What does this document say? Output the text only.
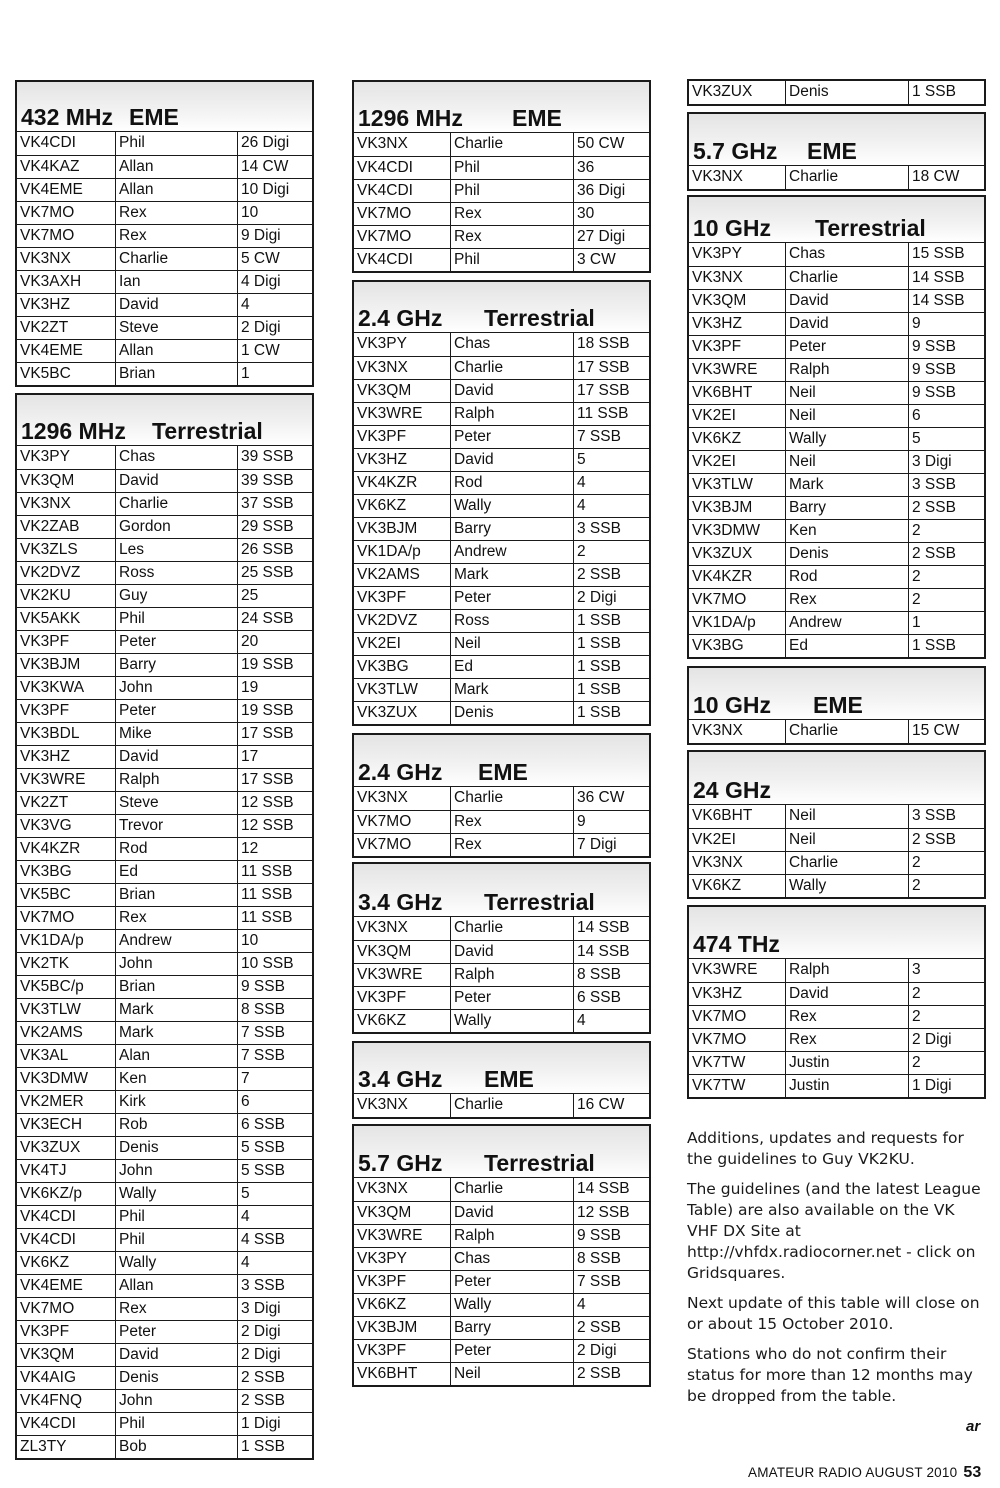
432 MHz EME
VK4CDI	Phil	26 Digi
VK4KAZ	Allan	14 CW
VK4EME	Allan	10 Digi
VK7MO	Rex	10
VK7MO	Rex	9 Digi
VK3NX	Charlie	5 CW
VK3AXH	Ian	4 Digi
VK3HZ	David	4
VK2ZT	Steve	2 Digi
VK4EME	Allan	1 CW
VK5BC	Brian	1
1296 MHz Terrestrial
VK3PY	Chas	39 SSB
VK3QM	David	39 SSB
VK3NX	Charlie	37 SSB
VK2ZAB	Gordon	29 SSB
VK3ZLS	Les	26 SSB
VK2DVZ	Ross	25 SSB
VK2KU	Guy	25
VK5AKK	Phil	24 SSB
VK3PF	Peter	20
VK3BJM	Barry	19 SSB
VK3KWA	John	19
VK3PF	Peter	19 SSB
VK3BDL	Mike	17 SSB
VK3HZ	David	17
VK3WRE	Ralph	17 SSB
VK2ZT	Steve	12 SSB
VK3VG	Trevor	12 SSB
VK4KZR	Rod	12
VK3BG	Ed	11 SSB
VK5BC	Brian	11 SSB
VK7MO	Rex	11 SSB
VK1DA/p	Andrew	10
VK2TK	John	10 SSB
VK5BC/p	Brian	9 SSB
VK3TLW	Mark	8 SSB
VK2AMS	Mark	7 SSB
VK3AL	Alan	7 SSB
VK3DMW	Ken	7
VK2MER	Kirk	6
VK3ECH	Rob	6 SSB
VK3ZUX	Denis	5 SSB
VK4TJ	John	5 SSB
VK6KZ/p	Wally	5
VK4CDI	Phil	4
VK4CDI	Phil	4 SSB
VK6KZ	Wally	4
VK4EME	Allan	3 SSB
VK7MO	Rex	3 Digi
VK3PF	Peter	2 Digi
VK3QM	David	2 Digi
VK4AIG	Denis	2 SSB
VK4FNQ	John	2 SSB
VK4CDI	Phil	1 Digi
ZL3TY	Bob	1 SSB
1296 MHz EME
VK3NX	Charlie	50 CW
VK4CDI	Phil	36
VK4CDI	Phil	36 Digi
VK7MO	Rex	30
VK7MO	Rex	27 Digi
VK4CDI	Phil	3 CW
2.4 GHz Terrestrial
VK3PY	Chas	18 SSB
VK3NX	Charlie	17 SSB
VK3QM	David	17 SSB
VK3WRE	Ralph	11 SSB
VK3PF	Peter	7 SSB
VK3HZ	David	5
VK4KZR	Rod	4
VK6KZ	Wally	4
VK3BJM	Barry	3 SSB
VK1DA/p	Andrew	2
VK2AMS	Mark	2 SSB
VK3PF	Peter	2 Digi
VK2DVZ	Ross	1 SSB
VK2EI	Neil	1 SSB
VK3BG	Ed	1 SSB
VK3TLW	Mark	1 SSB
VK3ZUX	Denis	1 SSB
2.4 GHz EME
VK3NX	Charlie	36 CW
VK7MO	Rex	9
VK7MO	Rex	7 Digi
3.4 GHz Terrestrial
VK3NX	Charlie	14 SSB
VK3QM	David	14 SSB
VK3WRE	Ralph	8 SSB
VK3PF	Peter	6 SSB
VK6KZ	Wally	4
3.4 GHz EME
VK3NX	Charlie	16 CW
5.7 GHz Terrestrial
VK3NX	Charlie	14 SSB
VK3QM	David	12 SSB
VK3WRE	Ralph	9 SSB
VK3PY	Chas	8 SSB
VK3PF	Peter	7 SSB
VK6KZ	Wally	4
VK3BJM	Barry	2 SSB
VK3PF	Peter	2 Digi
VK6BHT	Neil	2 SSB
VK3ZUX	Denis	1 SSB
5.7 GHz EME
VK3NX	Charlie	18 CW
10 GHz Terrestrial
VK3PY	Chas	15 SSB
VK3NX	Charlie	14 SSB
VK3QM	David	14 SSB
VK3HZ	David	9
VK3PF	Peter	9 SSB
VK3WRE	Ralph	9 SSB
VK6BHT	Neil	9 SSB
VK2EI	Neil	6
VK6KZ	Wally	5
VK2EI	Neil	3 Digi
VK3TLW	Mark	3 SSB
VK3BJM	Barry	2 SSB
VK3DMW	Ken	2
VK3ZUX	Denis	2 SSB
VK4KZR	Rod	2
VK7MO	Rex	2
VK1DA/p	Andrew	1
VK3BG	Ed	1 SSB
10 GHz EME
VK3NX	Charlie	15 CW
24 GHz
VK6BHT	Neil	3 SSB
VK2EI	Neil	2 SSB
VK3NX	Charlie	2
VK6KZ	Wally	2
474 THz
VK3WRE	Ralph	3
VK3HZ	David	2
VK7MO	Rex	2
VK7MO	Rex	2 Digi
VK7TW	Justin	2
VK7TW	Justin	1 Digi

Additions, updates and requests for the guidelines to Guy VK2KU.

The guidelines (and the latest League Table) are also available on the VK VHF DX Site at http://vhfdx.radiocorner.net - click on Gridsquares.

Next update of this table will close on or about 15 October 2010.

Stations who do not confirm their status for more than 12 months may be dropped from the table.

ar
AMATEUR RADIO AUGUST 2010 53
